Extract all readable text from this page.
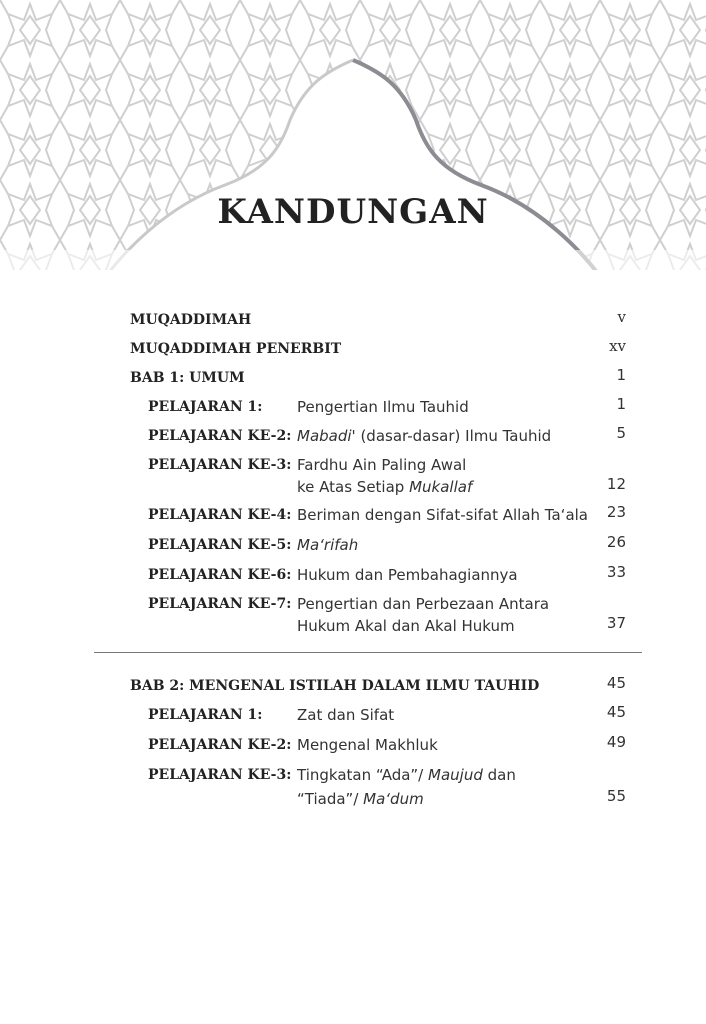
KANDUNGAN
MUQADDIMAH	v
MUQADDIMAH PENERBIT	xv
BAB 1: UMUM	1
PELAJARAN 1: Pengertian Ilmu Tauhid	1
PELAJARAN KE-2: Mabadi' (dasar-dasar) Ilmu Tauhid	5
PELAJARAN KE-3: Fardhu Ain Paling Awal
ke Atas Setiap Mukallaf	12
PELAJARAN KE-4: Beriman dengan Sifat-sifat Allah Ta‘ala 23
PELAJARAN KE-5: Ma‘rifah	26
PELAJARAN KE-6: Hukum dan Pembahagiannya	33
PELAJARAN KE-7: Pengertian dan Perbezaan Antara
Hukum Akal dan Akal Hukum	37
BAB 2: MENGENAL ISTILAH DALAM ILMU TAUHID	45
PELAJARAN 1: Zat dan Sifat	45
PELAJARAN KE-2: Mengenal Makhluk	49
PELAJARAN KE-3: Tingkatan “Ada”/ Maujud dan
“Tiada”/ Ma‘dum	55
